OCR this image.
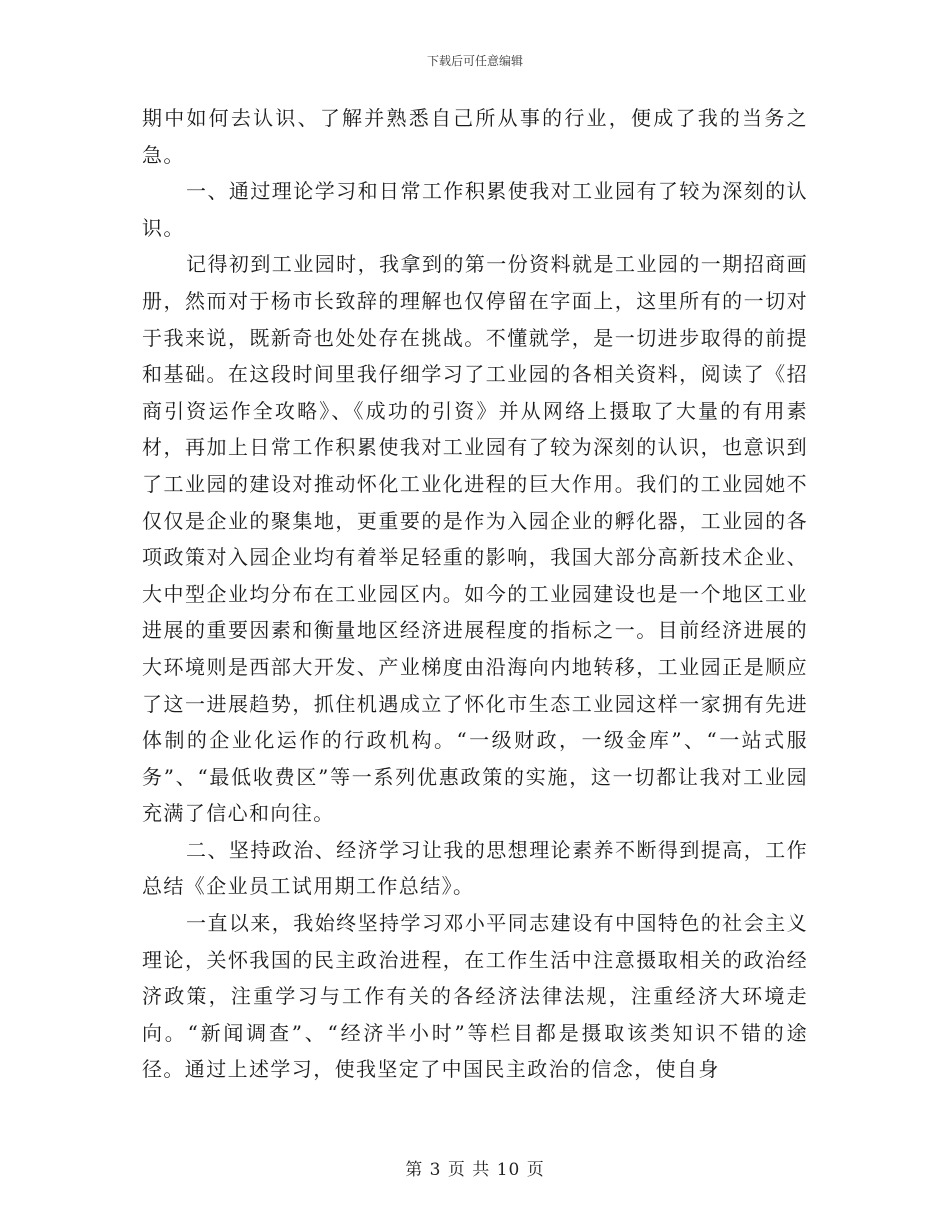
下载后可任意编辑

期中如何去认识、了解并熟悉自己所从事的行业，便成了我的当务之急。

一、通过理论学习和日常工作积累使我对工业园有了较为深刻的认识。

记得初到工业园时，我拿到的第一份资料就是工业园的一期招商画册，然而对于杨市长致辞的理解也仅停留在字面上，这里所有的一切对于我来说，既新奇也处处存在挑战。不懂就学，是一切进步取得的前提和基础。在这段时间里我仔细学习了工业园的各相关资料，阅读了《招商引资运作全攻略》、《成功的引资》并从网络上摄取了大量的有用素材，再加上日常工作积累使我对工业园有了较为深刻的认识，也意识到了工业园的建设对推动怀化工业化进程的巨大作用。我们的工业园她不仅仅是企业的聚集地，更重要的是作为入园企业的孵化器，工业园的各项政策对入园企业均有着举足轻重的影响，我国大部分高新技术企业、大中型企业均分布在工业园区内。如今的工业园建设也是一个地区工业进展的重要因素和衡量地区经济进展程度的指标之一。目前经济进展的大环境则是西部大开发、产业梯度由沿海向内地转移，工业园正是顺应了这一进展趋势，抓住机遇成立了怀化市生态工业园这样一家拥有先进体制的企业化运作的行政机构。“一级财政，一级金库”、“一站式服务”、“最低收费区”等一系列优惠政策的实施，这一切都让我对工业园充满了信心和向往。

二、坚持政治、经济学习让我的思想理论素养不断得到提高，工作总结《企业员工试用期工作总结》。

一直以来，我始终坚持学习邓小平同志建设有中国特色的社会主义理论，关怀我国的民主政治进程，在工作生活中注意摄取相关的政治经济政策，注重学习与工作有关的各经济法律法规，注重经济大环境走向。“新闻调查”、“经济半小时”等栏目都是摄取该类知识不错的途径。通过上述学习，使我坚定了中国民主政治的信念，使自身

第 3 页 共 10 页
